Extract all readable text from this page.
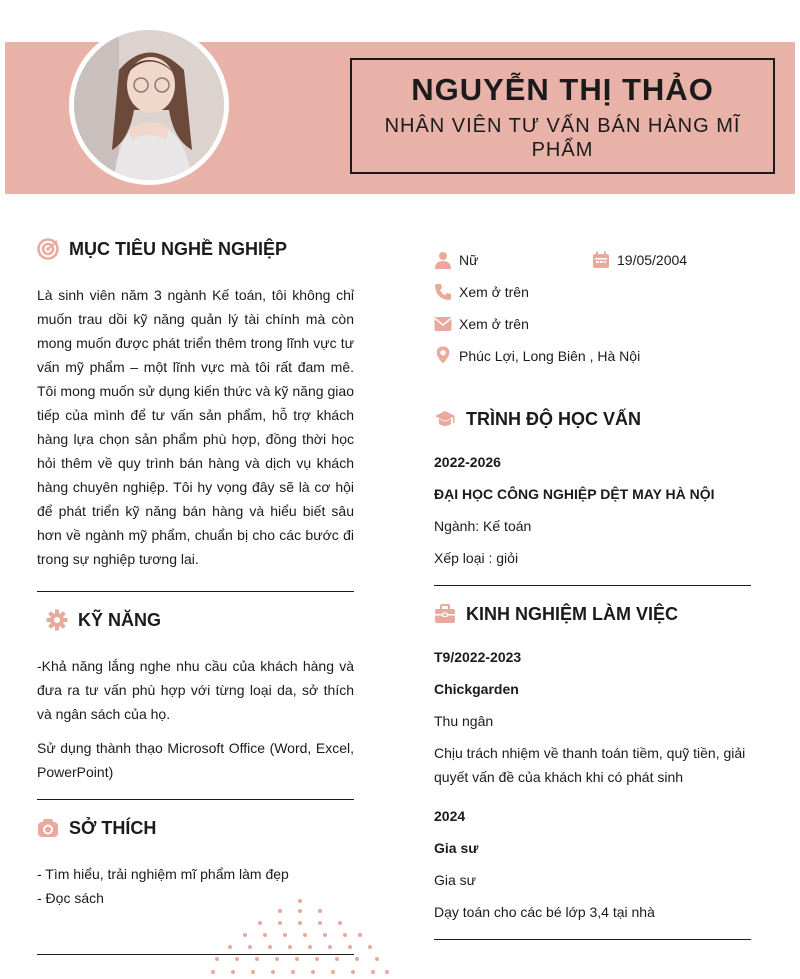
NGUYỄN THỊ THẢO
NHÂN VIÊN TƯ VẤN BÁN HÀNG MĨ PHẨM
MỤC TIÊU NGHỀ NGHIỆP
Là sinh viên năm 3 ngành Kế toán, tôi không chỉ muốn trau dồi kỹ năng quản lý tài chính mà còn mong muốn được phát triển thêm trong lĩnh vực tư vấn mỹ phẩm – một lĩnh vực mà tôi rất đam mê. Tôi mong muốn sử dụng kiến thức và kỹ năng giao tiếp của mình để tư vấn sản phẩm, hỗ trợ khách hàng lựa chọn sản phẩm phù hợp, đồng thời học hỏi thêm về quy trình bán hàng và dịch vụ khách hàng chuyên nghiệp. Tôi hy vọng đây sẽ là cơ hội để phát triển kỹ năng bán hàng và hiểu biết sâu hơn về ngành mỹ phẩm, chuẩn bị cho các bước đi trong sự nghiệp tương lai.
KỸ NĂNG
-Khả năng lắng nghe nhu cầu của khách hàng và đưa ra tư vấn phù hợp với từng loại da, sở thích và ngân sách của họ.
Sử dụng thành thạo Microsoft Office (Word, Excel, PowerPoint)
SỞ THÍCH
- Tìm hiểu, trải nghiệm mĩ phẩm làm đẹp
- Đọc sách
Nữ	19/05/2004
Xem ở trên
Xem ở trên
Phúc Lợi, Long Biên , Hà Nội
TRÌNH ĐỘ HỌC VẤN
2022-2026
ĐẠI HỌC CÔNG NGHIỆP DỆT MAY HÀ NỘI
Ngành: Kế toán
Xếp loại : giỏi
KINH NGHIỆM LÀM VIỆC
T9/2022-2023
Chickgarden
Thu ngân
Chịu trách nhiệm về thanh toán tiềm, quỹ tiền, giải quyết vấn đề của khách khi có phát sinh
2024
Gia sư
Gia sư
Dạy toán cho các bé lớp 3,4 tại nhà
